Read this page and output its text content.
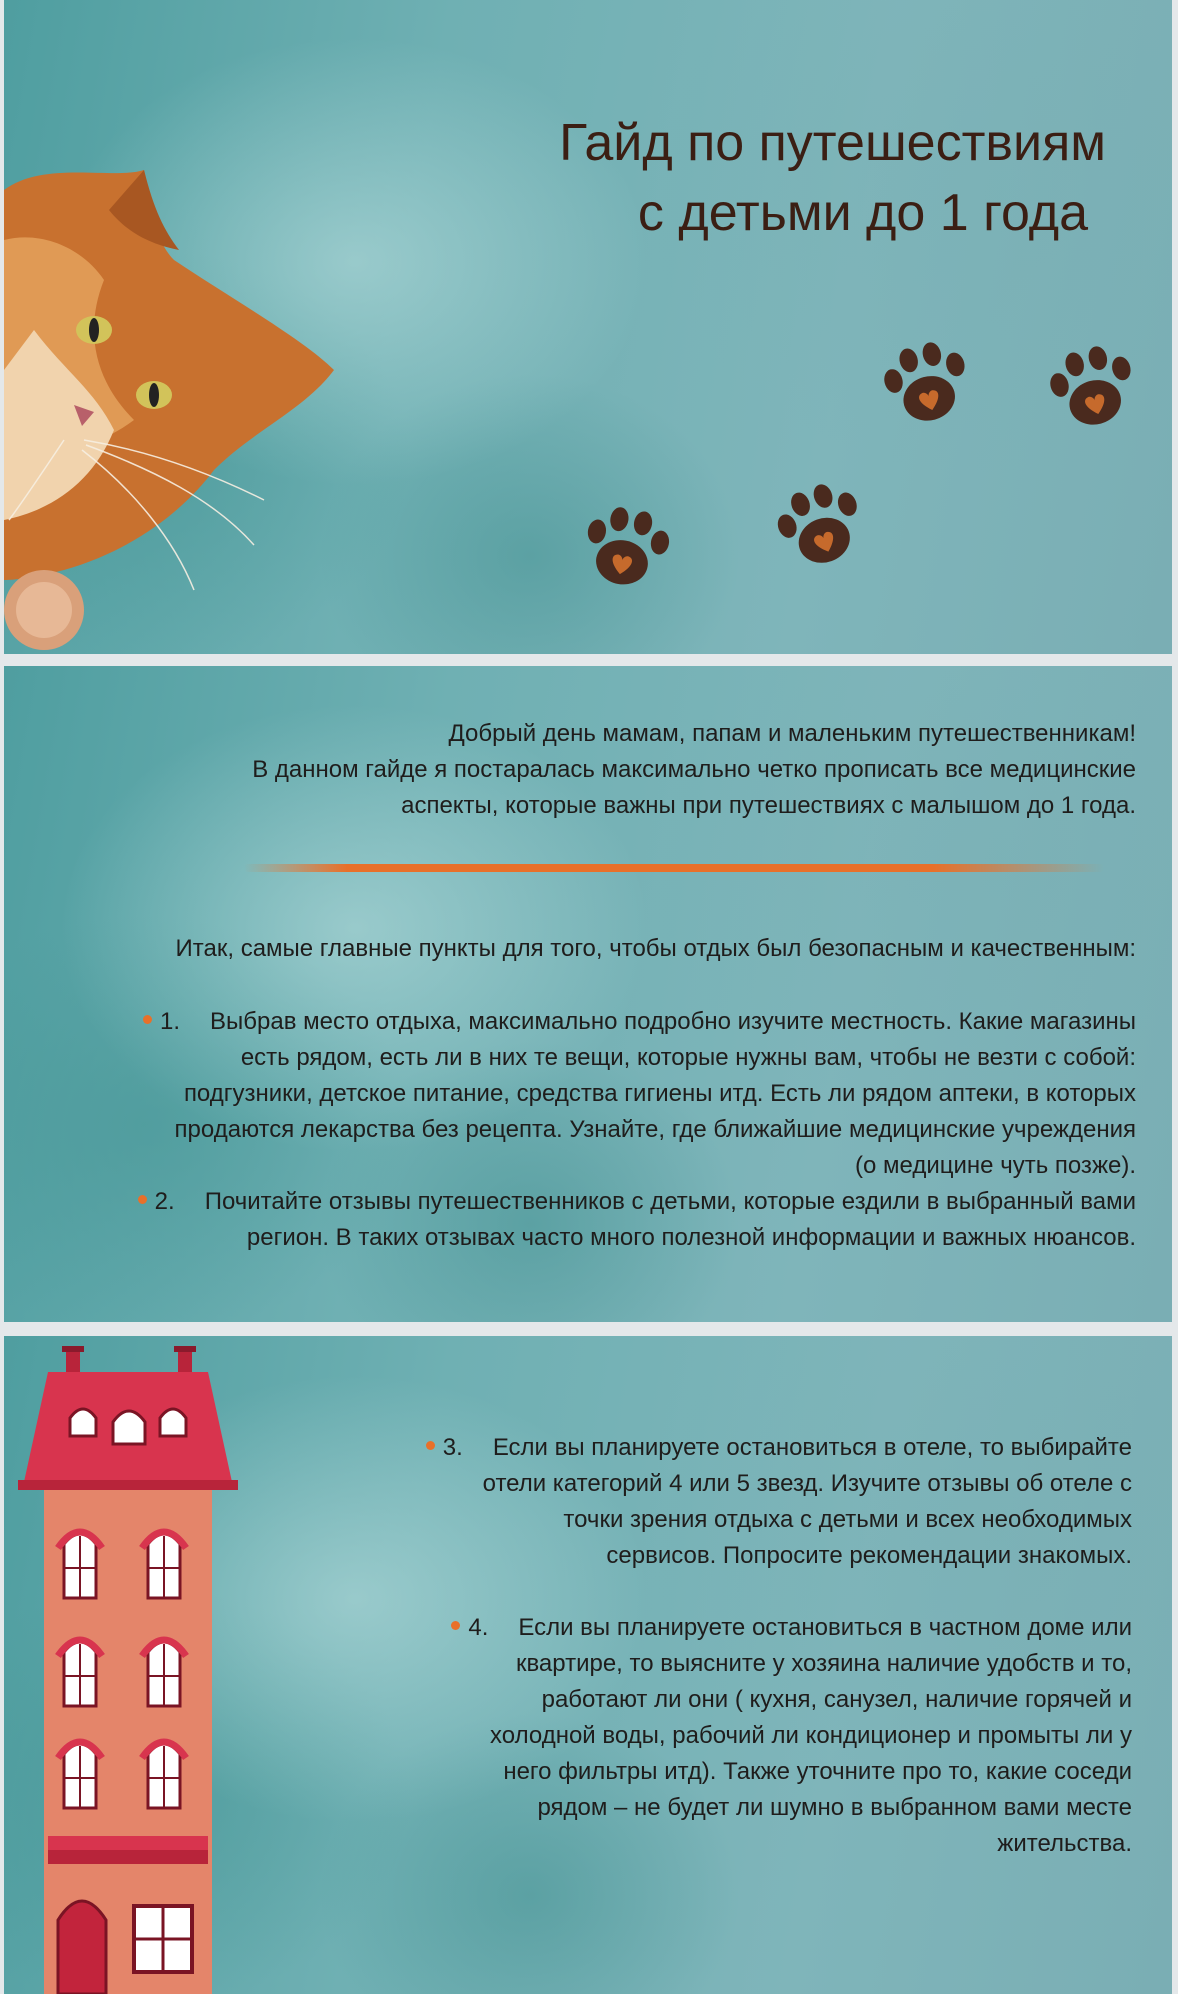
Гайд по путешествиям
с детьми до 1 года
Добрый день мамам, папам и маленьким путешественникам!
В данном гайде я постаралась максимально четко прописать все медицинские
аспекты, которые важны при путешествиях с малышом до 1 года.
Итак, самые главные пункты для того, чтобы отдых был безопасным и качественным:
1. Выбрав место отдыха, максимально подробно изучите местность. Какие магазины
есть рядом, есть ли в них те вещи, которые нужны вам, чтобы не везти с собой:
подгузники, детское питание, средства гигиены итд. Есть ли рядом аптеки, в которых
продаются лекарства без рецепта. Узнайте, где ближайшие медицинские учреждения
(о медицине чуть позже).
2. Почитайте отзывы путешественников с детьми, которые ездили в выбранный вами
регион. В таких отзывах часто много полезной информации и важных нюансов.
3. Если вы планируете остановиться в отеле, то выбирайте
отели категорий 4 или 5 звезд. Изучите отзывы об отеле с
точки зрения отдыха с детьми и всех необходимых
сервисов. Попросите рекомендации знакомых.
4. Если вы планируете остановиться в частном доме или
квартире, то выясните у хозяина наличие удобств и то,
работают ли они ( кухня, санузел, наличие горячей и
холодной воды, рабочий ли кондиционер и промыты ли у
него фильтры итд). Также уточните про то, какие соседи
рядом – не будет ли шумно в выбранном вами месте
жительства.
